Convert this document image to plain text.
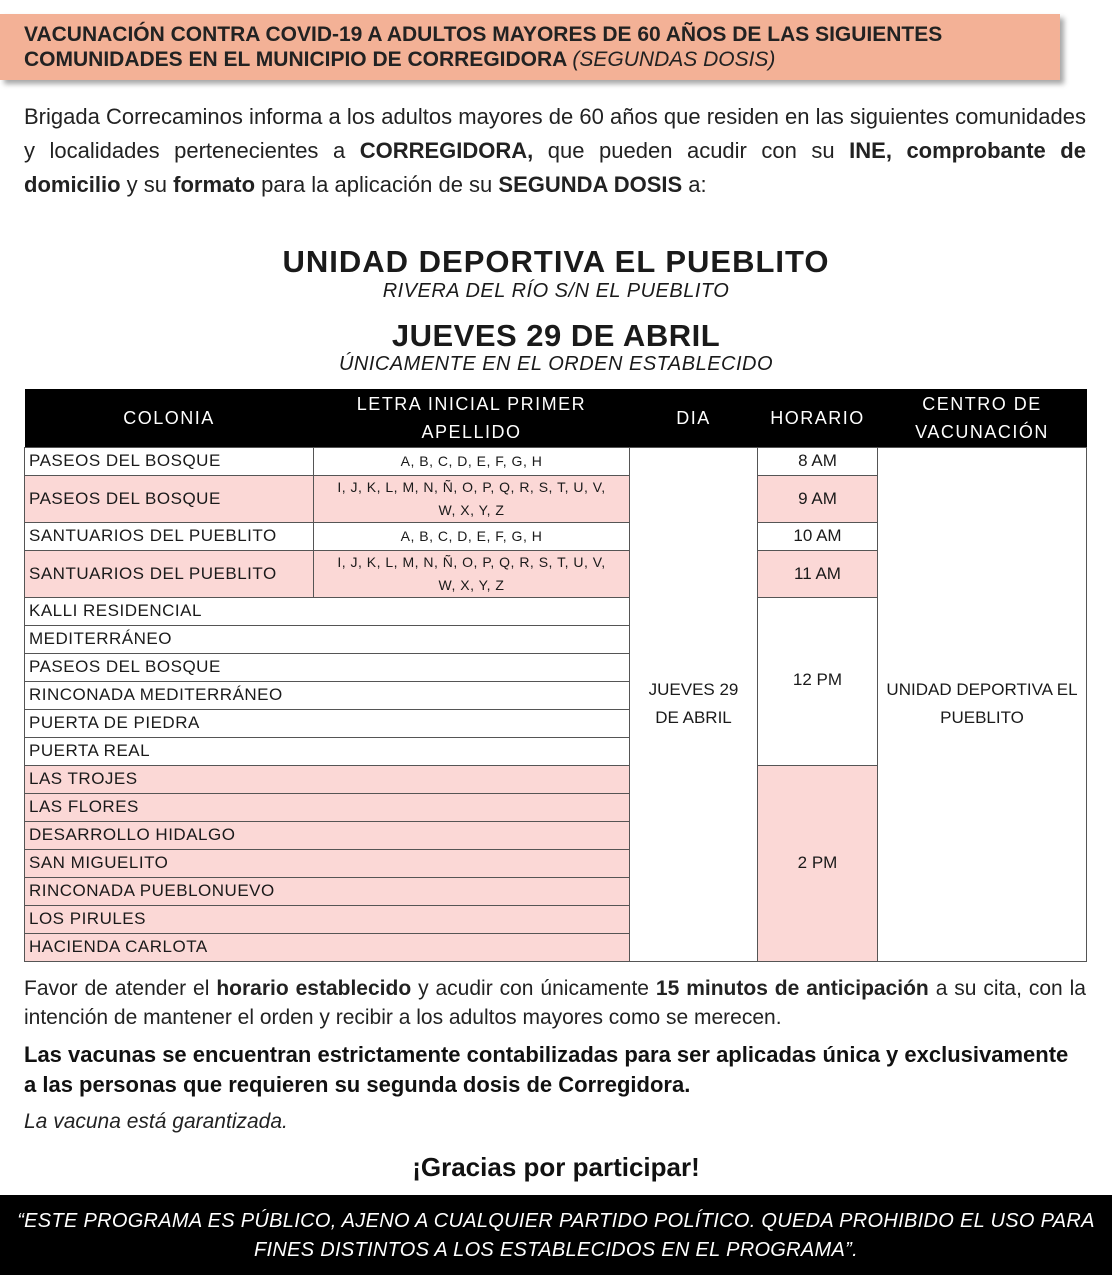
VACUNACIÓN CONTRA COVID-19 A ADULTOS MAYORES DE 60 AÑOS DE LAS SIGUIENTES COMUNIDADES EN EL MUNICIPIO DE CORREGIDORA (SEGUNDAS DOSIS)

Brigada Correcaminos informa a los adultos mayores de 60 años que residen en las siguientes comunidades y localidades pertenecientes a CORREGIDORA, que pueden acudir con su INE, comprobante de domicilio y su formato para la aplicación de su SEGUNDA DOSIS a:

UNIDAD DEPORTIVA EL PUEBLITO
RIVERA DEL RÍO S/N EL PUEBLITO
JUEVES 29 DE ABRIL
ÚNICAMENTE EN EL ORDEN ESTABLECIDO
COLONIA	LETRA INICIAL PRIMER APELLIDO	DIA	HORARIO	CENTRO DE VACUNACIÓN
PASEOS DEL BOSQUE	A, B, C, D, E, F, G, H	JUEVES 29 DE ABRIL	8 AM	UNIDAD DEPORTIVA EL PUEBLITO
PASEOS DEL BOSQUE	I, J, K, L, M, N, Ñ, O, P, Q, R, S, T, U, V, W, X, Y, Z		9 AM	
SANTUARIOS DEL PUEBLITO	A, B, C, D, E, F, G, H		10 AM	
SANTUARIOS DEL PUEBLITO	I, J, K, L, M, N, Ñ, O, P, Q, R, S, T, U, V, W, X, Y, Z		11 AM	
KALLI RESIDENCIAL			12 PM	
MEDITERRÁNEO				
PASEOS DEL BOSQUE				
RINCONADA MEDITERRÁNEO				
PUERTA DE PIEDRA				
PUERTA REAL				
LAS TROJES			2 PM	
LAS FLORES				
DESARROLLO HIDALGO				
SAN MIGUELITO				
RINCONADA PUEBLONUEVO				
LOS PIRULES				
HACIENDA CARLOTA				

Favor de atender el horario establecido y acudir con únicamente 15 minutos de anticipación a su cita, con la intención de mantener el orden y recibir a los adultos mayores como se merecen.

Las vacunas se encuentran estrictamente contabilizadas para ser aplicadas única y exclusivamente a las personas que requieren su segunda dosis de Corregidora.

La vacuna está garantizada.

¡Gracias por participar!
“ESTE PROGRAMA ES PÚBLICO, AJENO A CUALQUIER PARTIDO POLÍTICO. QUEDA PROHIBIDO EL USO PARA FINES DISTINTOS A LOS ESTABLECIDOS EN EL PROGRAMA”.
